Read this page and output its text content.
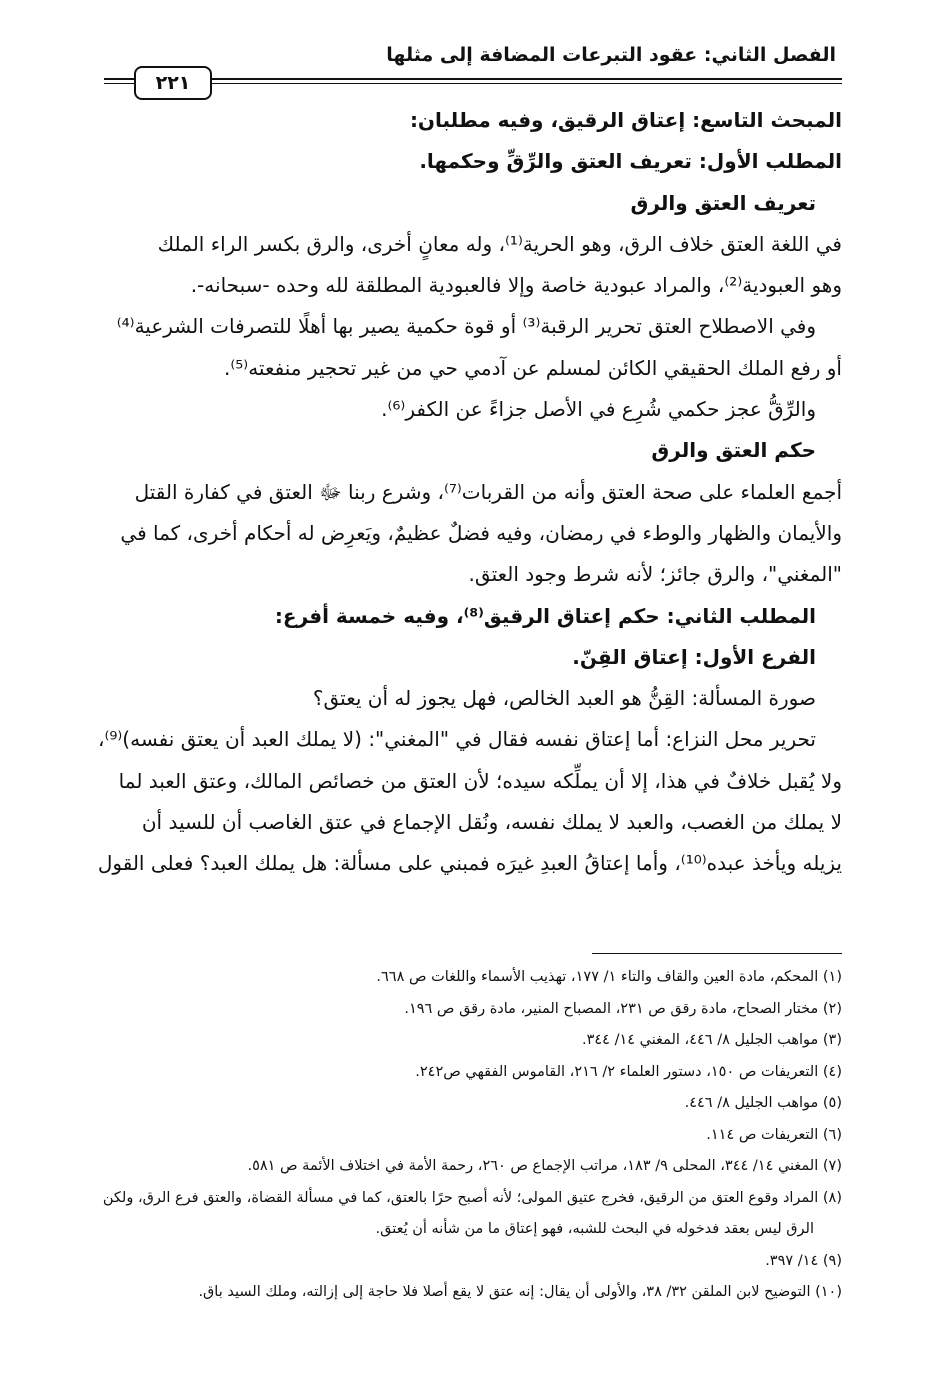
الفصل الثاني: عقود التبرعات المضافة إلى مثلها
٢٢١
المبحث التاسع: إعتاق الرقيق، وفيه مطلبان:
المطلب الأول: تعريف العتق والرِّقِّ وحكمها.
تعريف العتق والرق
في اللغة العتق خلاف الرق، وهو الحرية⁽¹⁾، وله معانٍ أخرى، والرق بكسر الراء الملك
وهو العبودية⁽²⁾، والمراد عبودية خاصة وإلا فالعبودية المطلقة لله وحده -سبحانه-.
وفي الاصطلاح العتق تحرير الرقبة⁽³⁾ أو قوة حكمية يصير بها أهلًا للتصرفات الشرعية⁽⁴⁾
أو رفع الملك الحقيقي الكائن لمسلم عن آدمي حي من غير تحجير منفعته⁽⁵⁾.
والرِّقُّ عجز حكمي شُرِع في الأصل جزاءً عن الكفر⁽⁶⁾.
حكم العتق والرق
أجمع العلماء على صحة العتق وأنه من القربات⁽⁷⁾، وشرع ربنا ﷻ العتق في كفارة القتل
والأيمان والظهار والوطء في رمضان، وفيه فضلٌ عظيمٌ، ويَعرِض له أحكام أخرى، كما في
"المغني"، والرق جائز؛ لأنه شرط وجود العتق.
المطلب الثاني: حكم إعتاق الرقيق⁽⁸⁾، وفيه خمسة أفرع:
الفرع الأول: إعتاق القِنّ.
صورة المسألة: القِنُّ هو العبد الخالص، فهل يجوز له أن يعتق؟
تحرير محل النزاع: أما إعتاق نفسه فقال في "المغني": (لا يملك العبد أن يعتق نفسه)⁽⁹⁾،
ولا يُقبل خلافٌ في هذا، إلا أن يملِّكه سيده؛ لأن العتق من خصائص المالك، وعتق العبد لما
لا يملك من الغصب، والعبد لا يملك نفسه، ونُقل الإجماع في عتق الغاصب أن للسيد أن
يزيله ويأخذ عبده⁽¹⁰⁾، وأما إعتاقُ العبدِ غيرَه فمبني على مسألة: هل يملك العبد؟ فعلى القول
(١) المحكم، مادة العين والقاف والتاء ١/ ١٧٧، تهذيب الأسماء واللغات ص ٦٦٨.
(٢) مختار الصحاح، مادة رقق ص ٢٣١، المصباح المنير، مادة رقق ص ١٩٦.
(٣) مواهب الجليل ٨/ ٤٤٦، المغني ١٤/ ٣٤٤.
(٤) التعريفات ص ١٥٠، دستور العلماء ٢/ ٢١٦، القاموس الفقهي ص٢٤٢.
(٥) مواهب الجليل ٨/ ٤٤٦.
(٦) التعريفات ص ١١٤.
(٧) المغني ١٤/ ٣٤٤، المحلى ٩/ ١٨٣، مراتب الإجماع ص ٢٦٠، رحمة الأمة في اختلاف الأئمة ص ٥٨١.
(٨) المراد وقوع العتق من الرقيق، فخرج عتيق المولى؛ لأنه أصبح حرًا بالعتق، كما في مسألة القضاة، والعتق فرع الرق، ولكن
الرق ليس بعقد فدخوله في البحث للشبه، فهو إعتاق ما من شأنه أن يُعتق.
(٩) ١٤/ ٣٩٧.
(١٠) التوضيح لابن الملقن ٣٢/ ٣٨، والأولى أن يقال: إنه عتق لا يقع أصلا فلا حاجة إلى إزالته، وملك السيد باق.
